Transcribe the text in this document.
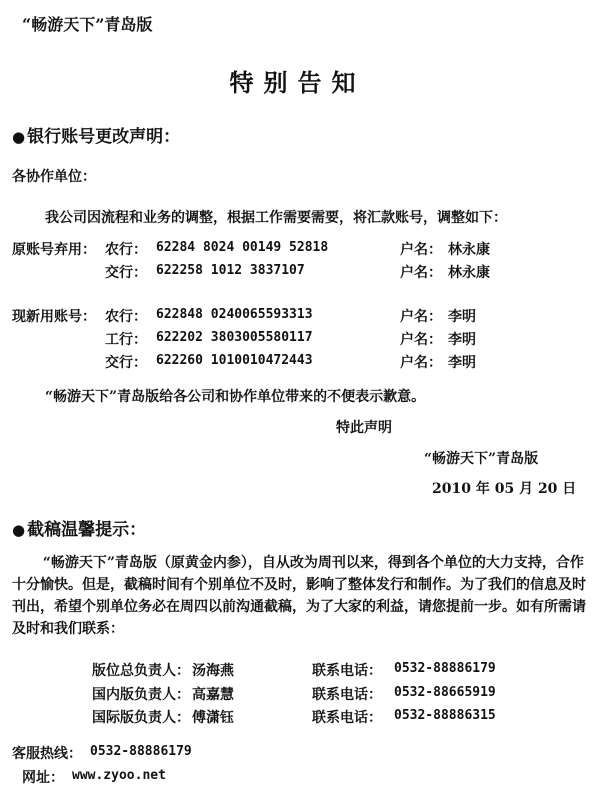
“畅游天下”青岛版
特别告知
● 银行账号更改声明：
各协作单位：
我公司因流程和业务的调整，根据工作需要需要，将汇款账号，调整如下：
原账号弃用： 农行： 62284 8024 00149 52818	户名： 林永康
交行： 622258 1012 3837107	户名： 林永康
现新用账号： 农行： 622848 0240065593313	户名： 李明
工行： 622202 3803005580117	户名： 李明
交行： 622260 1010010472443	户名： 李明
“畅游天下”青岛版给各公司和协作单位带来的不便表示歉意。
特此声明
“畅游天下”青岛版
2010 年 05 月 20 日
● 截稿温馨提示：

“畅游天下”青岛版（原黄金内参），自从改为周刊以来，得到各个单位的大力支持，合作十分愉快。但是，截稿时间有个别单位不及时，影响了整体发行和制作。为了我们的信息及时刊出，希望个别单位务必在周四以前沟通截稿，为了大家的利益，请您提前一步。如有所需请及时和我们联系：

版位总负责人： 汤海燕	联系电话： 0532-88886179
国内版负责人： 高嘉慧	联系电话： 0532-88665919
国际版负责人： 傅潇钰	联系电话： 0532-88886315
客服热线： 0532-88886179
网址： www.zyoo.net
